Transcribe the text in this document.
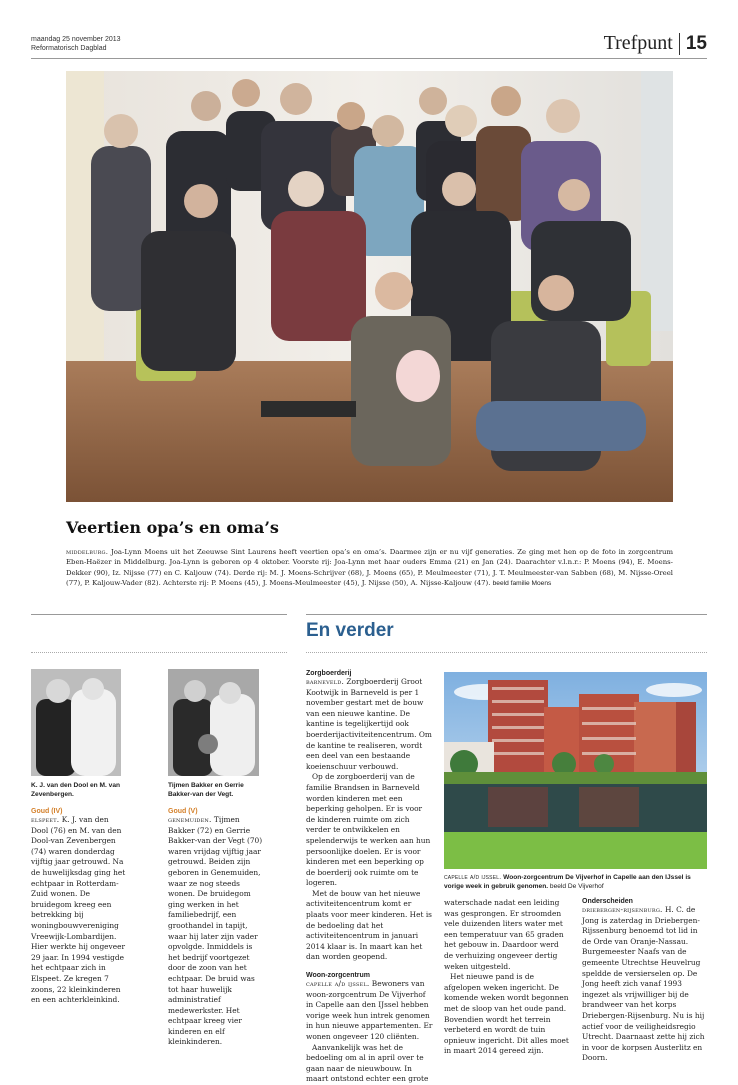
maandag 25 november 2013
Reformatorisch Dagblad	Trefpunt 15
Veertien opa’s en oma’s
middelburg. Joa-Lynn Moens uit het Zeeuwse Sint Laurens heeft veertien opa’s en oma’s. Daarmee zijn er nu vijf generaties. Ze ging met hen op de foto in zorgcentrum Eben-Haëzer in Middelburg. Joa-Lynn is geboren op 4 oktober. Voorste rij: Joa-Lynn met haar ouders Emma (21) en Jan (24). Daarachter v.l.n.r.: P. Moens (94), E. Moens-Dekker (90), Iz. Nijsse (77) en C. Kaljouw (74). Derde rij: M. J. Moens-Schrijver (68), J. Moens (65), P. Meulmeester (71), J. T. Meulmeester-van Sabben (68), M. Nijsse-Oreel (77), P. Kaljouw-Vader (82). Achterste rij: P. Moens (45), J. Moens-Meulmeester (45), J. Nijsse (50), A. Nijsse-Kaljouw (47). beeld familie Moens
En verder
K. J. van den Dool en M. van Zevenbergen.
Tijmen Bakker en Gerrie Bakker-van der Vegt.
Goud (IV)
elspeet. K. J. van den Dool (76) en M. van den Dool-van Zevenbergen (74) waren donderdag vijftig jaar getrouwd. Na de huwelijksdag ging het echtpaar in Rotterdam-Zuid wonen. De bruidegom kreeg een betrekking bij woningbouwvereniging Vreewijk-Lombardijen. Hier werkte hij ongeveer 29 jaar. In 1994 vestigde het echtpaar zich in Elspeet. Ze kregen 7 zoons, 22 kleinkinderen en een achterkleinkind.
Goud (V)
genemuiden. Tijmen Bakker (72) en Gerrie Bakker-van der Vegt (70) waren vrijdag vijftig jaar getrouwd. Beiden zijn geboren in Genemuiden, waar ze nog steeds wonen. De bruidegom ging werken in het familiebedrijf, een groothandel in tapijt, waar hij later zijn vader opvolgde. Inmiddels is het bedrijf voortgezet door de zoon van het echtpaar. De bruid was tot haar huwelijk administratief medewerkster. Het echtpaar kreeg vier kinderen en elf kleinkinderen.
Zorgboerderij
barneveld. Zorgboerderij Groot Kootwijk in Barneveld is per 1 november gestart met de bouw van een nieuwe kantine. De kantine is tegelijkertijd ook boerderijactiviteitencentrum. Om de kantine te realiseren, wordt een deel van een bestaande koeienschuur verbouwd.
Op de zorgboerderij van de familie Brandsen in Barneveld worden kinderen met een beperking geholpen. Er is voor de kinderen ruimte om zich verder te ontwikkelen en spelenderwijs te werken aan hun persoonlijke doelen. Er is voor kinderen met een beperking op de boerderij ook ruimte om te logeren.
Met de bouw van het nieuwe activiteitencentrum komt er plaats voor meer kinderen. Het is de bedoeling dat het activiteitencentrum in januari 2014 klaar is. In maart kan het dan worden geopend.
Woon-zorgcentrum
capelle a/d ijssel. Bewoners van woon-zorgcentrum De Vijverhof in Capelle aan den IJssel hebben vorige week hun intrek genomen in hun nieuwe appartementen. Er wonen ongeveer 120 cliënten.
Aanvankelijk was het de bedoeling om al in april over te gaan naar de nieuwbouw. In maart ontstond echter een grote
capelle a/d ijssel. Woon-zorgcentrum De Vijverhof in Capelle aan den IJssel is vorige week in gebruik genomen. beeld De Vijverhof
waterschade nadat een leiding was gesprongen. Er stroomden vele duizenden liters water met een temperatuur van 65 graden het gebouw in. Daardoor werd de verhuizing ongeveer dertig weken uitgesteld.
Het nieuwe pand is de afgelopen weken ingericht. De komende weken wordt begonnen met de sloop van het oude pand. Bovendien wordt het terrein verbeterd en wordt de tuin opnieuw ingericht. Dit alles moet in maart 2014 gereed zijn.
Onderscheiden
driebergen-rijsenburg. H. C. de Jong is zaterdag in Driebergen-Rijssenburg benoemd tot lid in de Orde van Oranje-Nassau. Burgemeester Naafs van de gemeente Utrechtse Heuvelrug speldde de versierselen op. De Jong heeft zich vanaf 1993 ingezet als vrijwilliger bij de brandweer van het korps Driebergen-Rijsenburg. Nu is hij actief voor de veiligheidsregio Utrecht. Daarnaast zette hij zich in voor de korpsen Austerlitz en Doorn.
